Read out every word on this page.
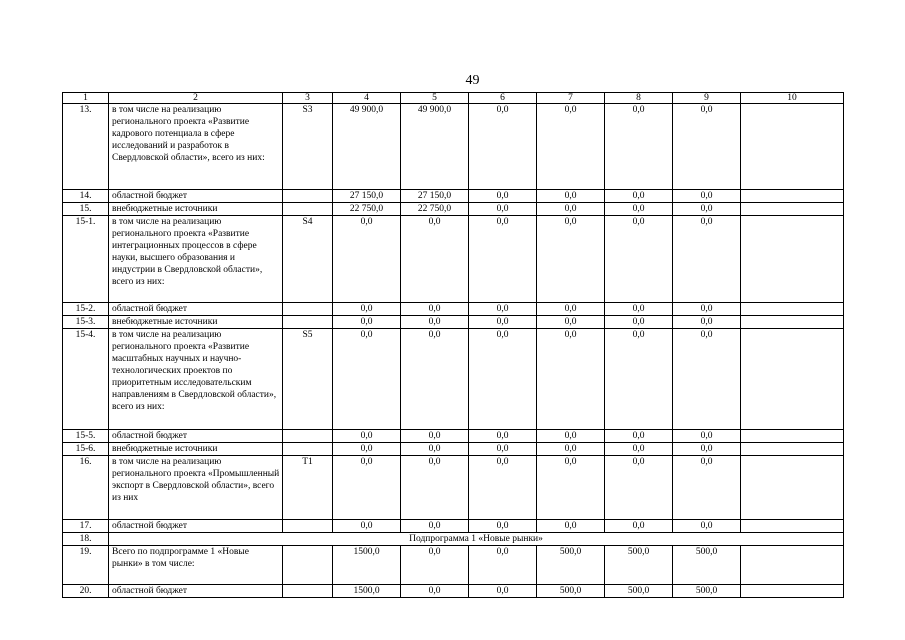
49
1	2	3	4	5	6	7	8	9	10
13.	в том числе на реализацию регионального проекта «Развитие кадрового потенциала в сфере исследований и разработок в Свердловской области», всего из них:	S3	49 900,0	49 900,0	0,0	0,0	0,0	0,0	
14.	областной бюджет		27 150,0	27 150,0	0,0	0,0	0,0	0,0	
15.	внебюджетные источники		22 750,0	22 750,0	0,0	0,0	0,0	0,0	
15-1.	в том числе на реализацию регионального проекта «Развитие интеграционных процессов в сфере науки, высшего образования и индустрии в Свердловской области», всего из них:	S4	0,0	0,0	0,0	0,0	0,0	0,0	
15-2.	областной бюджет		0,0	0,0	0,0	0,0	0,0	0,0	
15-3.	внебюджетные источники		0,0	0,0	0,0	0,0	0,0	0,0	
15-4.	в том числе на реализацию регионального проекта «Развитие масштабных научных и научно-технологических проектов по приоритетным исследовательским направлениям в Свердловской области», всего из них:	S5	0,0	0,0	0,0	0,0	0,0	0,0	
15-5.	областной бюджет		0,0	0,0	0,0	0,0	0,0	0,0	
15-6.	внебюджетные источники		0,0	0,0	0,0	0,0	0,0	0,0	
16.	в том числе на реализацию регионального проекта «Промышленный экспорт в Свердловской области», всего из них	T1	0,0	0,0	0,0	0,0	0,0	0,0	
17.	областной бюджет		0,0	0,0	0,0	0,0	0,0	0,0	
18.	Подпрограмма 1 «Новые рынки»								
19.	Всего по подпрограмме 1 «Новые рынки» в том числе:		1500,0	0,0	0,0	500,0	500,0	500,0	
20.	областной бюджет		1500,0	0,0	0,0	500,0	500,0	500,0	
